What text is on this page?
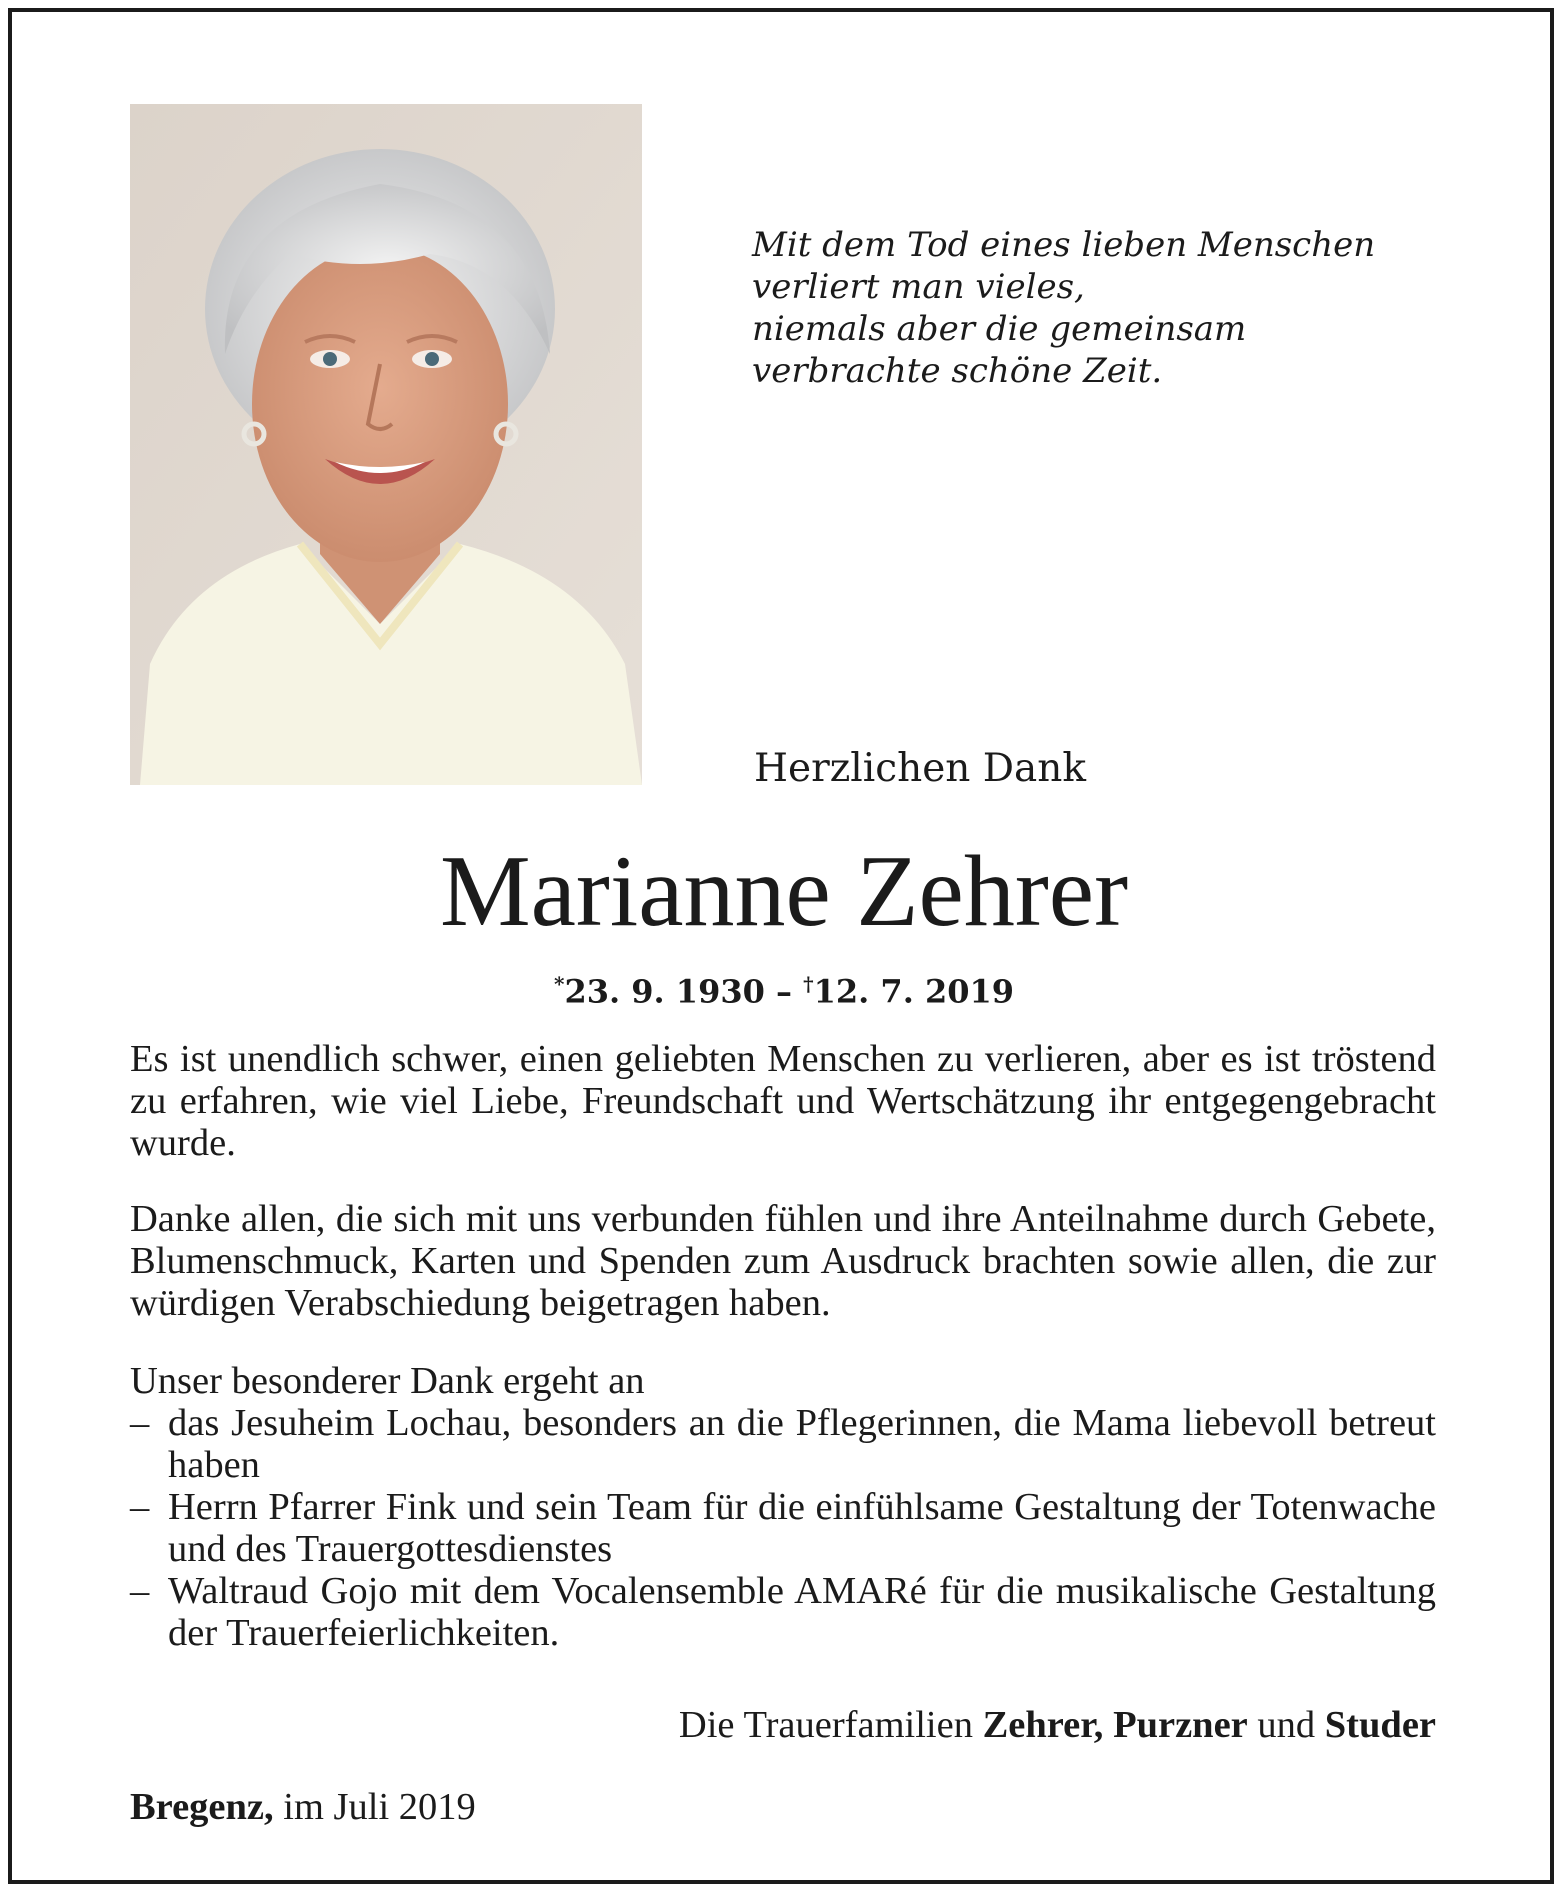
Mit dem Tod eines lieben Menschen
verliert man vieles,
niemals aber die gemeinsam
verbrachte schöne Zeit.
Herzlichen Dank
Marianne Zehrer
*23. 9. 1930 – †12. 7. 2019
Es ist unendlich schwer, einen geliebten Menschen zu verlieren, aber es ist tröstend zu erfahren, wie viel Liebe, Freundschaft und Wertschätzung ihr entgegengebracht wurde.
Danke allen, die sich mit uns verbunden fühlen und ihre Anteilnahme durch Gebete, Blumenschmuck, Karten und Spenden zum Ausdruck brachten sowie allen, die zur würdigen Verabschiedung beigetragen haben.
Unser besonderer Dank ergeht an
– das Jesuheim Lochau, besonders an die Pflegerinnen, die Mama liebevoll betreut haben
– Herrn Pfarrer Fink und sein Team für die einfühlsame Gestaltung der Totenwache und des Trauergottesdienstes
– Waltraud Gojo mit dem Vocalensemble AMARé für die musikalische Gestaltung der Trauerfeierlichkeiten.
Die Trauerfamilien Zehrer, Purzner und Studer
Bregenz, im Juli 2019
